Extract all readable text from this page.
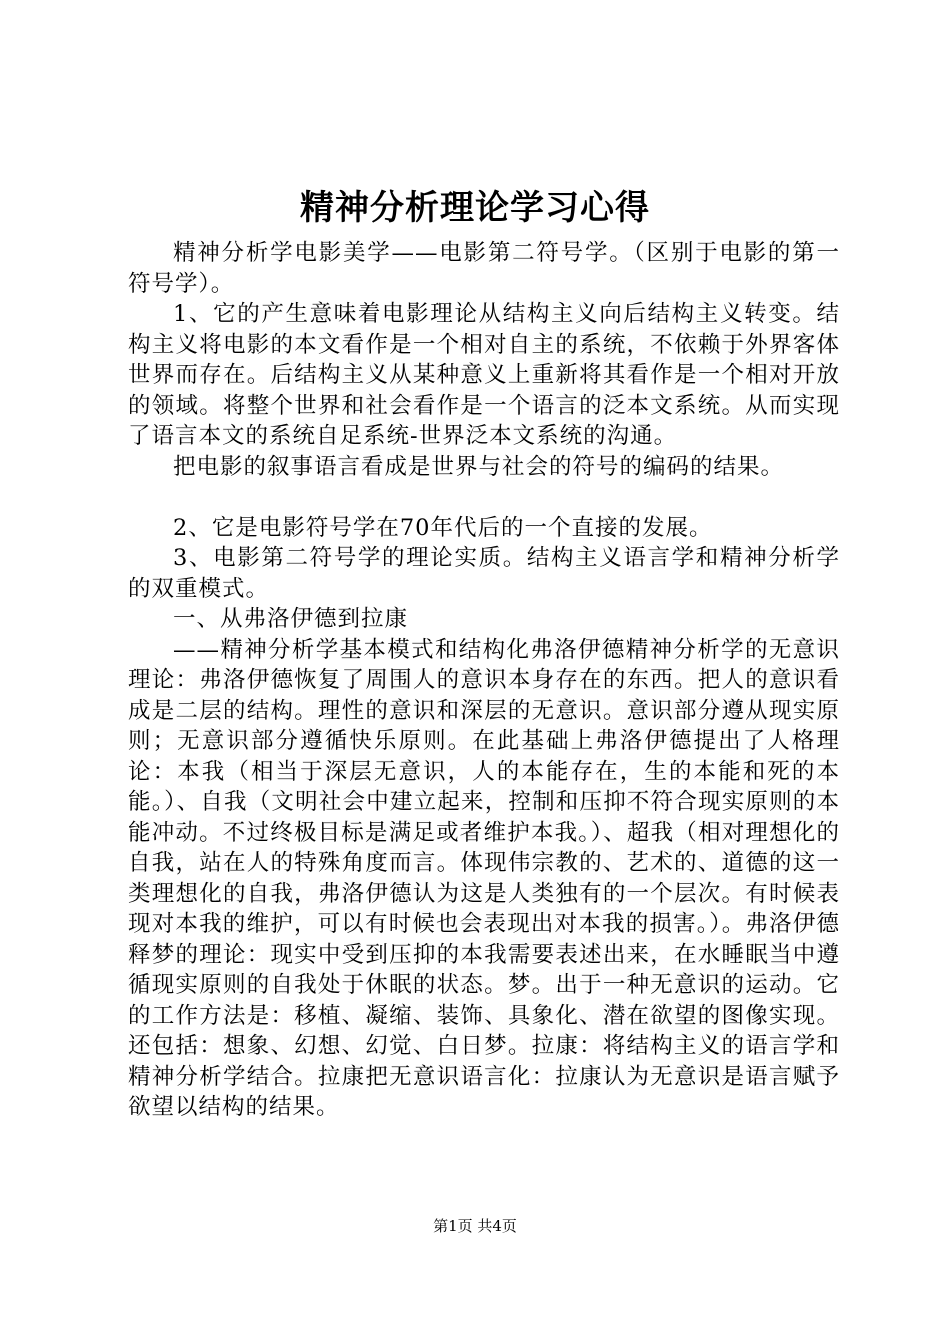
精神分析理论学习心得

精神分析学电影美学——电影第二符号学。（区别于电影的第一符号学）。

1、它的产生意味着电影理论从结构主义向后结构主义转变。结构主义将电影的本文看作是一个相对自主的系统，不依赖于外界客体世界而存在。后结构主义从某种意义上重新将其看作是一个相对开放的领域。将整个世界和社会看作是一个语言的泛本文系统。从而实现了语言本文的系统自足系统-世界泛本文系统的沟通。

把电影的叙事语言看成是世界与社会的符号的编码的结果。

2、它是电影符号学在70年代后的一个直接的发展。

3、电影第二符号学的理论实质。结构主义语言学和精神分析学的双重模式。

一、从弗洛伊德到拉康

——精神分析学基本模式和结构化弗洛伊德精神分析学的无意识理论：弗洛伊德恢复了周围人的意识本身存在的东西。把人的意识看成是二层的结构。理性的意识和深层的无意识。意识部分遵从现实原则；无意识部分遵循快乐原则。在此基础上弗洛伊德提出了人格理论：本我（相当于深层无意识，人的本能存在，生的本能和死的本能。）、自我（文明社会中建立起来，控制和压抑不符合现实原则的本能冲动。不过终极目标是满足或者维护本我。）、超我（相对理想化的自我，站在人的特殊角度而言。体现伟宗教的、艺术的、道德的这一类理想化的自我，弗洛伊德认为这是人类独有的一个层次。有时候表现对本我的维护，可以有时候也会表现出对本我的损害。）。弗洛伊德释梦的理论：现实中受到压抑的本我需要表述出来，在水睡眠当中遵循现实原则的自我处于休眠的状态。梦。出于一种无意识的运动。它的工作方法是：移植、凝缩、装饰、具象化、潜在欲望的图像实现。还包括：想象、幻想、幻觉、白日梦。拉康：将结构主义的语言学和精神分析学结合。拉康把无意识语言化：拉康认为无意识是语言赋予欲望以结构的结果。

第1页 共4页
